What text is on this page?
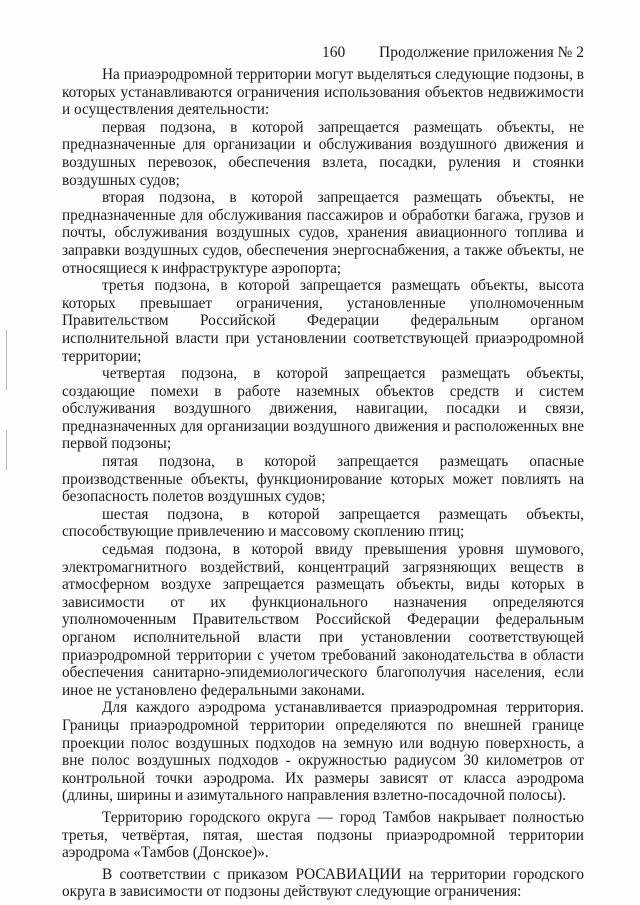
160 Продолжение приложения № 2

На приаэродромной территории могут выделяться следующие подзоны, в которых устанавливаются ограничения использования объектов недвижимости и осуществления деятельности:

первая подзона, в которой запрещается размещать объекты, не предназначенные для организации и обслуживания воздушного движения и воздушных перевозок, обеспечения взлета, посадки, руления и стоянки воздушных судов;

вторая подзона, в которой запрещается размещать объекты, не предназначенные для обслуживания пассажиров и обработки багажа, грузов и почты, обслуживания воздушных судов, хранения авиационного топлива и заправки воздушных судов, обеспечения энергоснабжения, а также объекты, не относящиеся к инфраструктуре аэропорта;

третья подзона, в которой запрещается размещать объекты, высота которых превышает ограничения, установленные уполномоченным Правительством Российской Федерации федеральным органом исполнительной власти при установлении соответствующей приаэродромной территории;

четвертая подзона, в которой запрещается размещать объекты, создающие помехи в работе наземных объектов средств и систем обслуживания воздушного движения, навигации, посадки и связи, предназначенных для организации воздушного движения и расположенных вне первой подзоны;

пятая подзона, в которой запрещается размещать опасные производственные объекты, функционирование которых может повлиять на безопасность полетов воздушных судов;

шестая подзона, в которой запрещается размещать объекты, способствующие привлечению и массовому скоплению птиц;

седьмая подзона, в которой ввиду превышения уровня шумового, электромагнитного воздействий, концентраций загрязняющих веществ в атмосферном воздухе запрещается размещать объекты, виды которых в зависимости от их функционального назначения определяются уполномоченным Правительством Российской Федерации федеральным органом исполнительной власти при установлении соответствующей приаэродромной территории с учетом требований законодательства в области обеспечения санитарно-эпидемиологического благополучия населения, если иное не установлено федеральными законами.

Для каждого аэродрома устанавливается приаэродромная территория. Границы приаэродромной территории определяются по внешней границе проекции полос воздушных подходов на земную или водную поверхность, а вне полос воздушных подходов - окружностью радиусом 30 километров от контрольной точки аэродрома. Их размеры зависят от класса аэродрома (длины, ширины и азимутального направления взлетно-посадочной полосы).

Территорию городского округа — город Тамбов накрывает полностью третья, четвёртая, пятая, шестая подзоны приаэродромной территории аэродрома «Тамбов (Донское)».

В соответствии с приказом РОСАВИАЦИИ на территории городского округа в зависимости от подзоны действуют следующие ограничения:
